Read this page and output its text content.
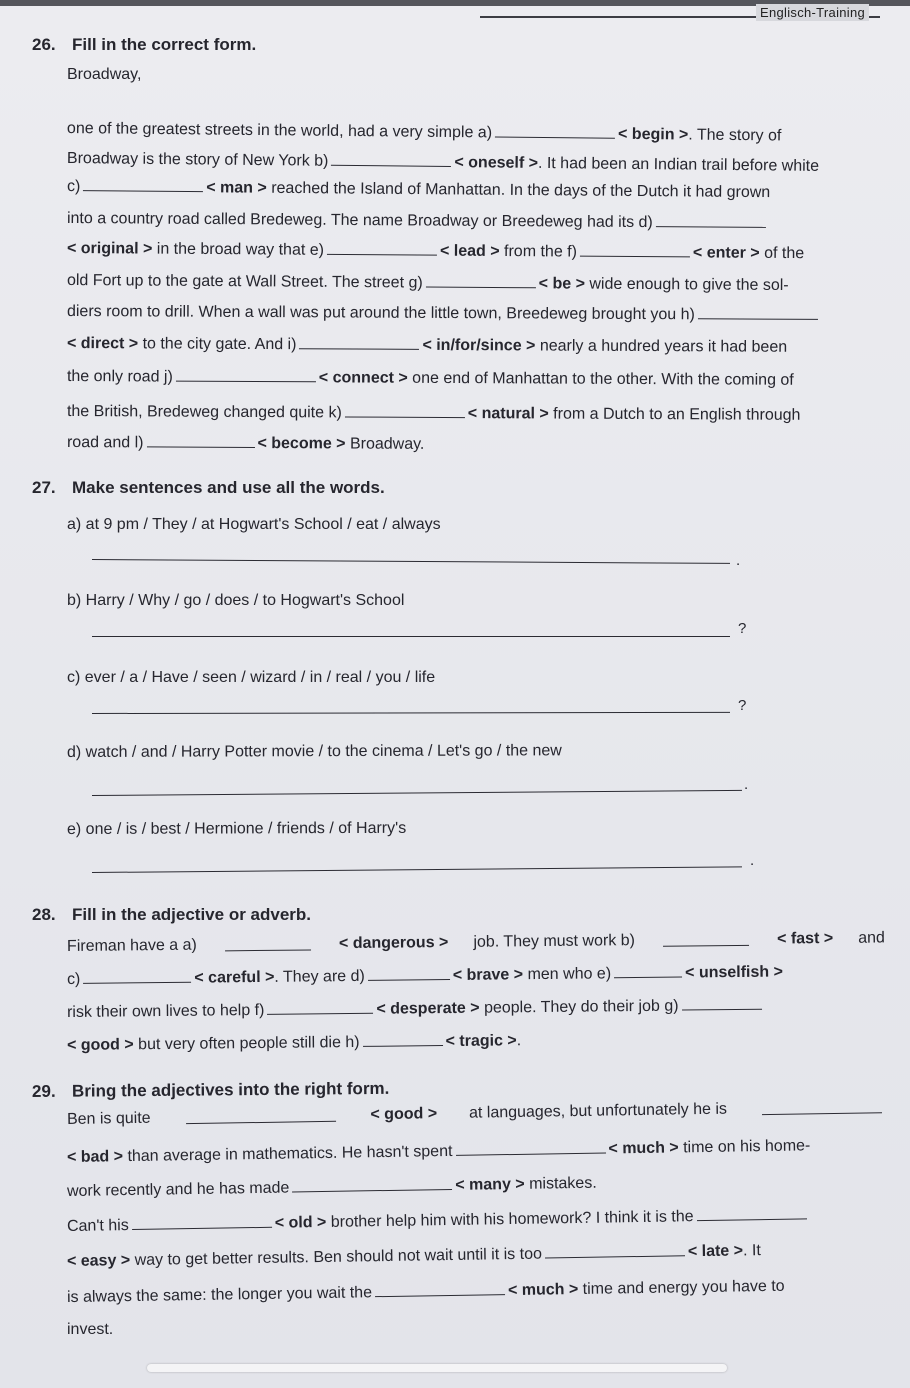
Englisch-Training
26. Fill in the correct form.
Broadway,
one of the greatest streets in the world, had a very simple a)	< begin >. The story of
Broadway is the story of New York b)	< oneself >. It had been an Indian trail before white
c)	< man > reached the Island of Manhattan. In the days of the Dutch it had grown
into a country road called Bredeweg. The name Broadway or Breedeweg had its d)
< original > in the broad way that e)	< lead > from the f)	< enter > of the
old Fort up to the gate at Wall Street. The street g)	< be > wide enough to give the sol-
diers room to drill. When a wall was put around the little town, Breedeweg brought you h)
< direct > to the city gate. And i)	< in/for/since > nearly a hundred years it had been
the only road j)	< connect > one end of Manhattan to the other. With the coming of
the British, Bredeweg changed quite k)	< natural > from a Dutch to an English through
road and l)	< become > Broadway.
27. Make sentences and use all the words.
a) at 9 pm / They / at Hogwart's School / eat / always
.
b) Harry / Why / go / does / to Hogwart's School
?
c) ever / a / Have / seen / wizard / in / real / you / life
?
d) watch / and / Harry Potter movie / to the cinema / Let's go / the new
.
e) one / is / best / Hermione / friends / of Harry's
.
28. Fill in the adjective or adverb.
Fireman have a a)	< dangerous > job. They must work b)	< fast > and
c)	< careful >. They are d)	< brave > men who e)	< unselfish >
risk their own lives to help f)	< desperate > people. They do their job g)
< good > but very often people still die h)	< tragic >.
29. Bring the adjectives into the right form.
Ben is quite	< good > at languages, but unfortunately he is
< bad > than average in mathematics. He hasn't spent	< much > time on his home-
work recently and he has made	< many > mistakes.
Can't his	< old > brother help him with his homework? I think it is the
< easy > way to get better results. Ben should not wait until it is too	< late >. It
is always the same: the longer you wait the	< much > time and energy you have to
invest.
